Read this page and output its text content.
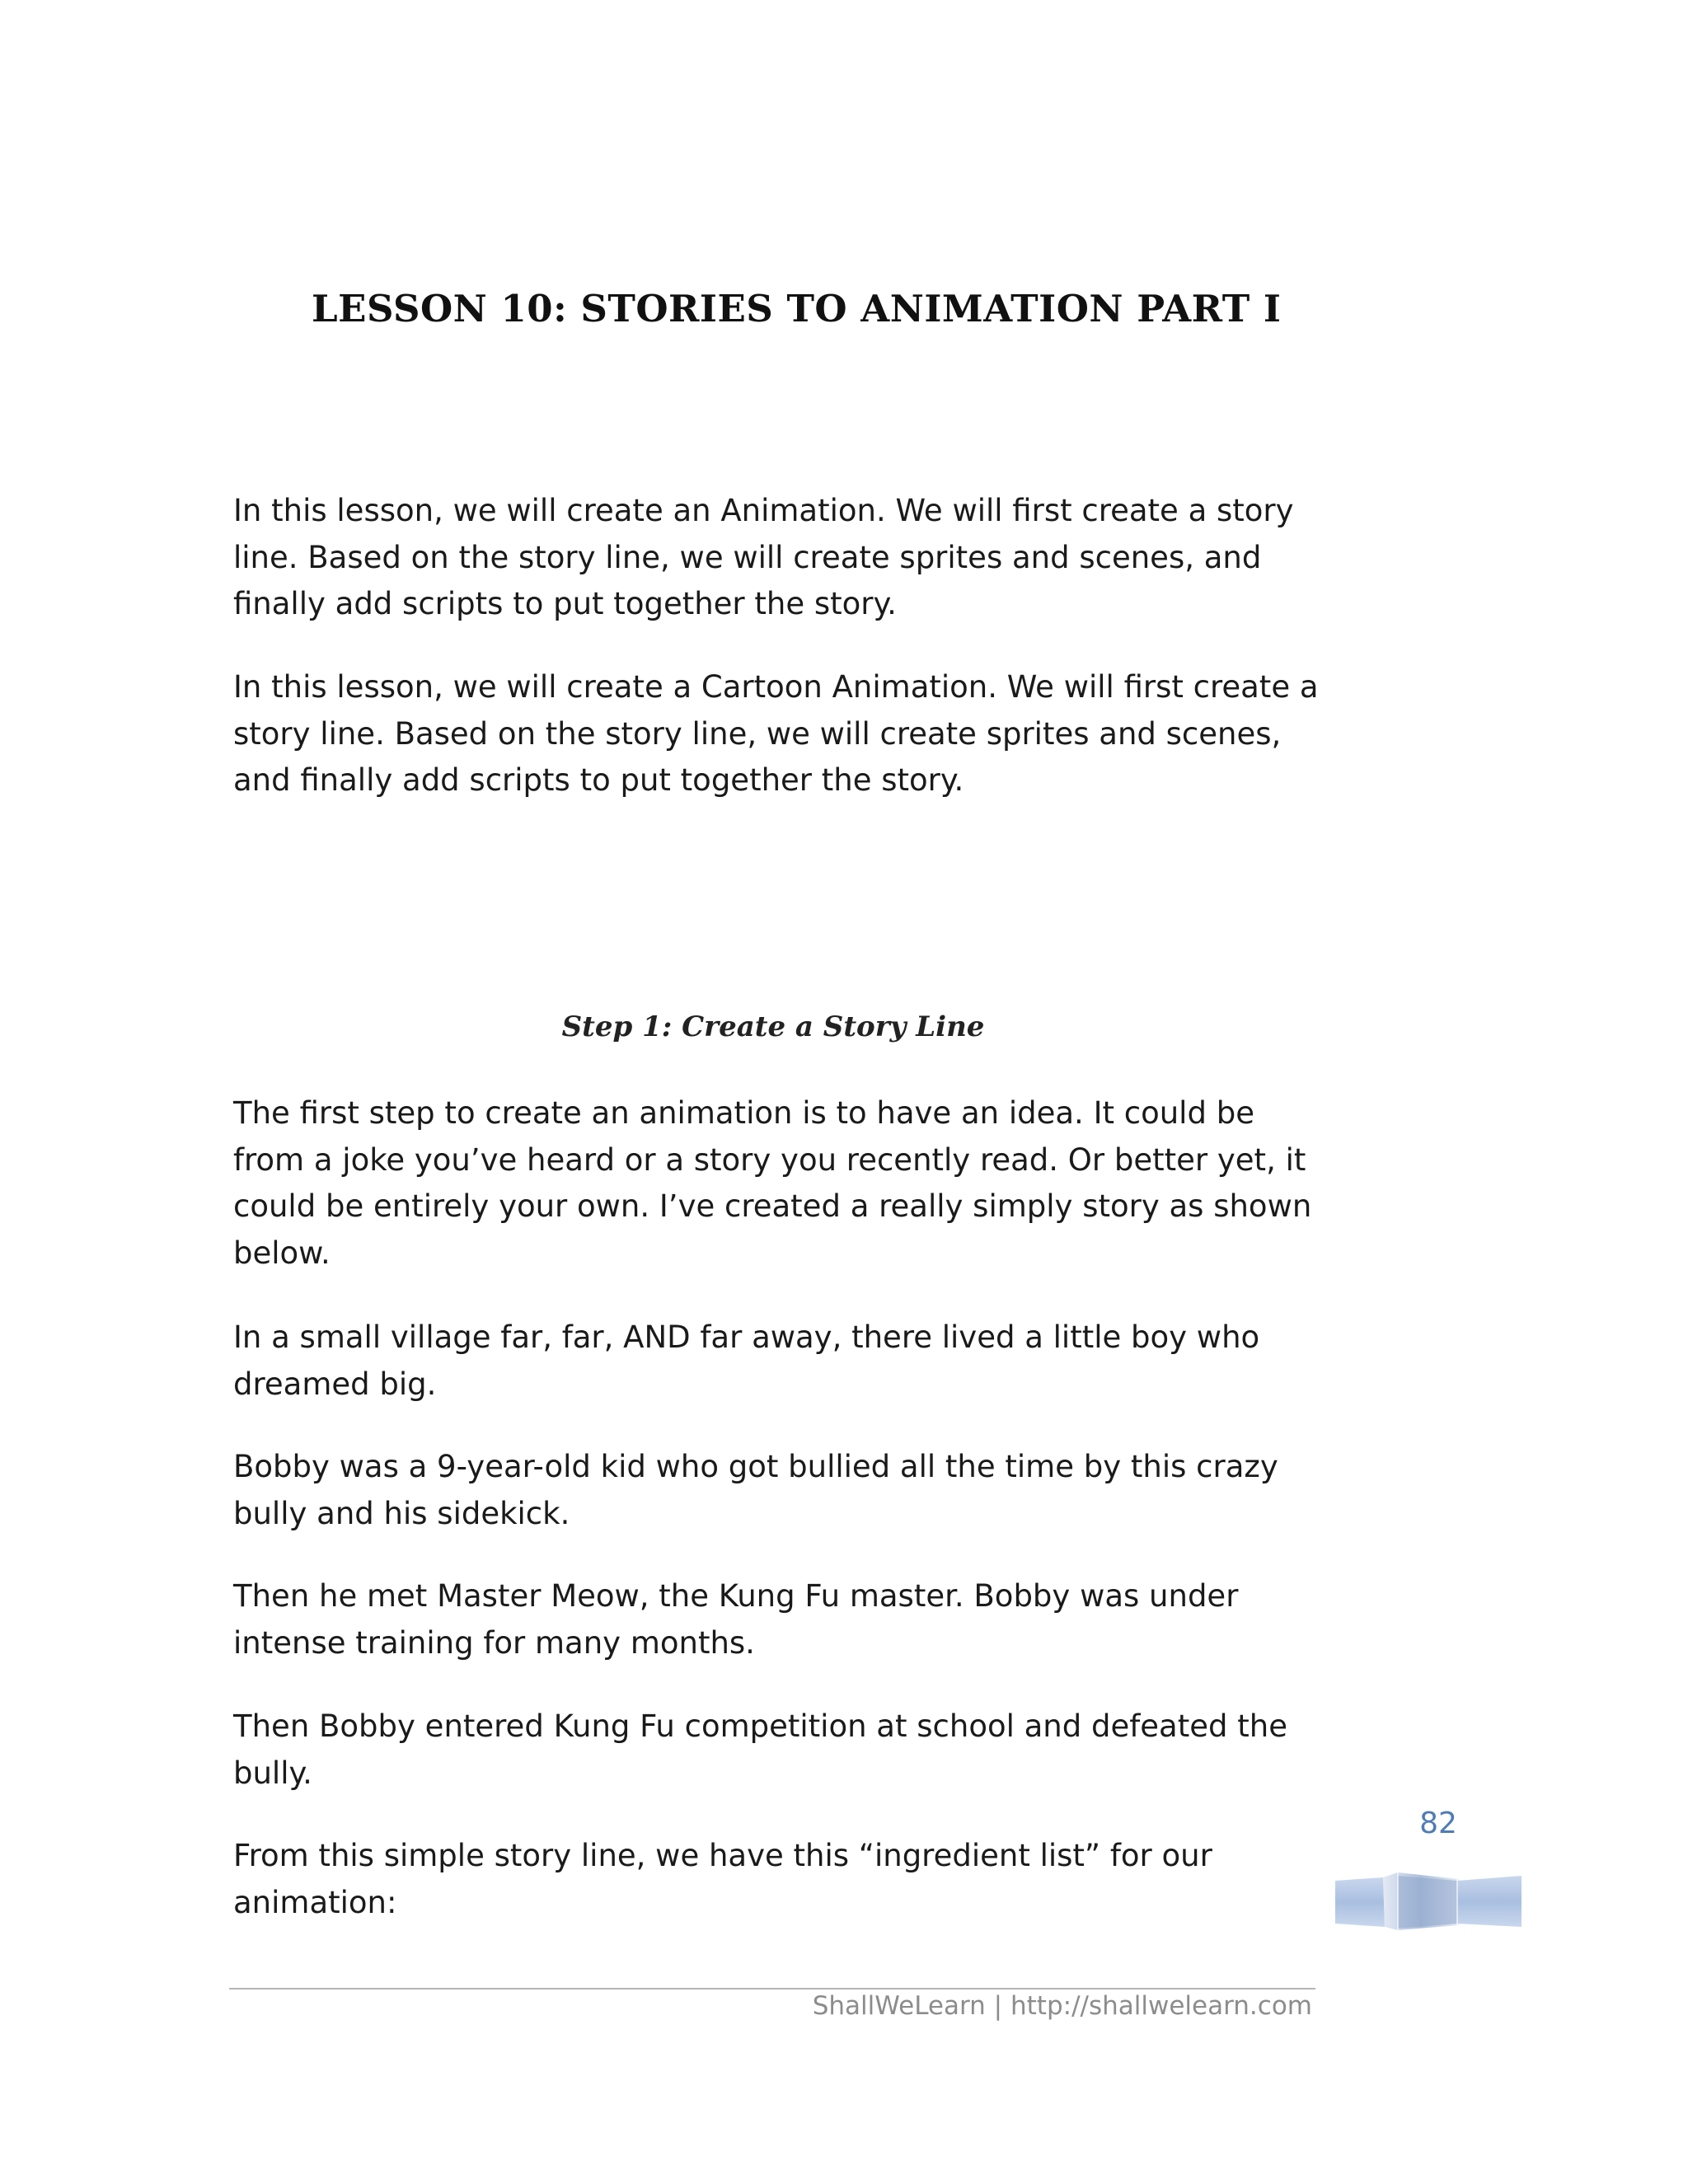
LESSON 10: STORIES TO ANIMATION PART I

In this lesson, we will create an Animation. We will first create a story line. Based on the story line, we will create sprites and scenes, and finally add scripts to put together the story.

In this lesson, we will create a Cartoon Animation. We will first create a story line. Based on the story line, we will create sprites and scenes, and finally add scripts to put together the story.

Step 1: Create a Story Line

The first step to create an animation is to have an idea. It could be from a joke you’ve heard or a story you recently read. Or better yet, it could be entirely your own. I’ve created a really simply story as shown below.

In a small village far, far, AND far away, there lived a little boy who dreamed big.

Bobby was a 9-year-old kid who got bullied all the time by this crazy bully and his sidekick.

Then he met Master Meow, the Kung Fu master. Bobby was under intense training for many months.

Then Bobby entered Kung Fu competition at school and defeated the bully.

From this simple story line, we have this “ingredient list” for our animation:

82
ShallWeLearn | http://shallwelearn.com
